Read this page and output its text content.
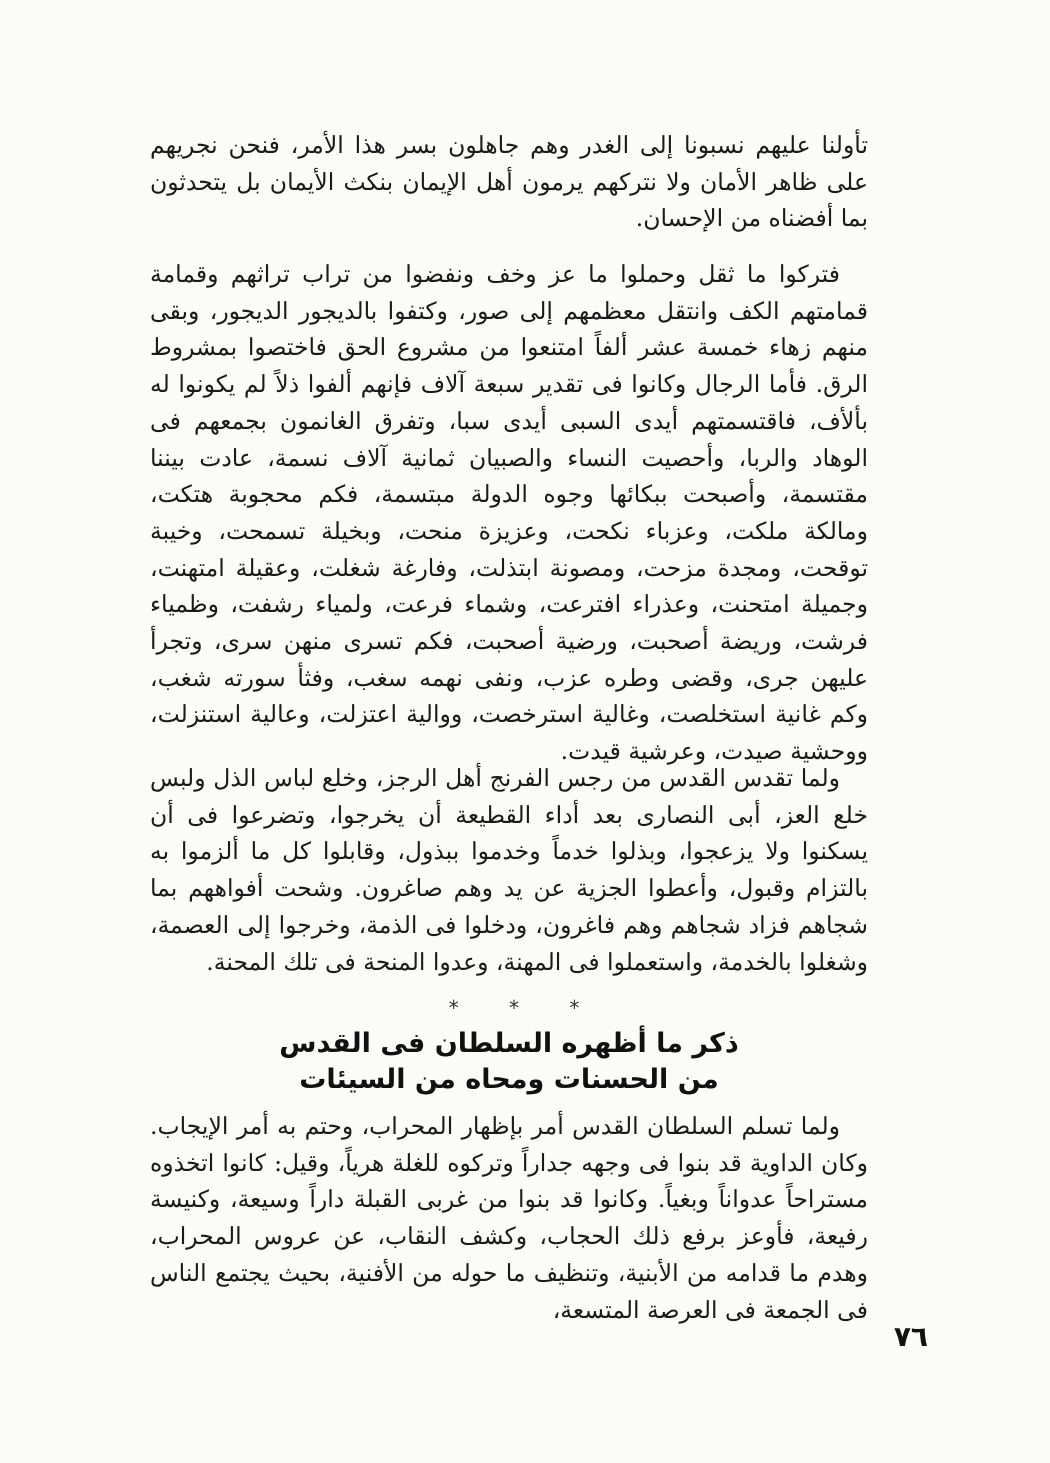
تأولنا عليهم نسبونا إلى الغدر وهم جاهلون بسر هذا الأمر، فنحن نجريهم على ظاهر الأمان ولا نتركهم يرمون أهل الإيمان بنكث الأيمان بل يتحدثون بما أفضناه من الإحسان.

فتركوا ما ثقل وحملوا ما عز وخف ونفضوا من تراب تراثهم وقمامة قمامتهم الكف وانتقل معظمهم إلى صور، وكتفوا بالديجور الديجور، وبقى منهم زهاء خمسة عشر ألفاً امتنعوا من مشروع الحق فاختصوا بمشروط الرق. فأما الرجال وكانوا فى تقدير سبعة آلاف فإنهم ألفوا ذلاً لم يكونوا له بألأف، فاقتسمتهم أيدى السبى أيدى سبا، وتفرق الغانمون بجمعهم فى الوهاد والربا، وأحصيت النساء والصبيان ثمانية آلاف نسمة، عادت بيننا مقتسمة، وأصبحت ببكائها وجوه الدولة مبتسمة، فكم محجوبة هتكت، ومالكة ملكت، وعزباء نكحت، وعزيزة منحت، وبخيلة تسمحت، وخيبة توقحت، ومجدة مزحت، ومصونة ابتذلت، وفارغة شغلت، وعقيلة امتهنت، وجميلة امتحنت، وعذراء افترعت، وشماء فرعت، ولمياء رشفت، وظمياء فرشت، وريضة أصحبت، ورضية أصحبت، فكم تسرى منهن سرى، وتجرأ عليهن جرى، وقضى وطره عزب، ونفى نهمه سغب، وفثأ سورته شغب، وكم غانية استخلصت، وغالية استرخصت، ووالية اعتزلت، وعالية استنزلت، ووحشية صيدت، وعرشية قيدت.

ولما تقدس القدس من رجس الفرنج أهل الرجز، وخلع لباس الذل ولبس خلع العز، أبى النصارى بعد أداء القطيعة أن يخرجوا، وتضرعوا فى أن يسكنوا ولا يزعجوا، وبذلوا خدماً وخدموا ببذول، وقابلوا كل ما ألزموا به بالتزام وقبول، وأعطوا الجزية عن يد وهم صاغرون. وشحت أفواههم بما شجاهم فزاد شجاهم وهم فاغرون، ودخلوا فى الذمة، وخرجوا إلى العصمة، وشغلوا بالخدمة، واستعملوا فى المهنة، وعدوا المنحة فى تلك المحنة.

* * *
ذكر ما أظهره السلطان فى القدس
من الحسنات ومحاه من السيئات

ولما تسلم السلطان القدس أمر بإظهار المحراب، وحتم به أمر الإيجاب. وكان الداوية قد بنوا فى وجهه جداراً وتركوه للغلة هرياً، وقيل: كانوا اتخذوه مستراحاً عدواناً وبغياً. وكانوا قد بنوا من غربى القبلة داراً وسيعة، وكنيسة رفيعة، فأوعز برفع ذلك الحجاب، وكشف النقاب، عن عروس المحراب، وهدم ما قدامه من الأبنية، وتنظيف ما حوله من الأفنية، بحيث يجتمع الناس فى الجمعة فى العرصة المتسعة،

٧٦
